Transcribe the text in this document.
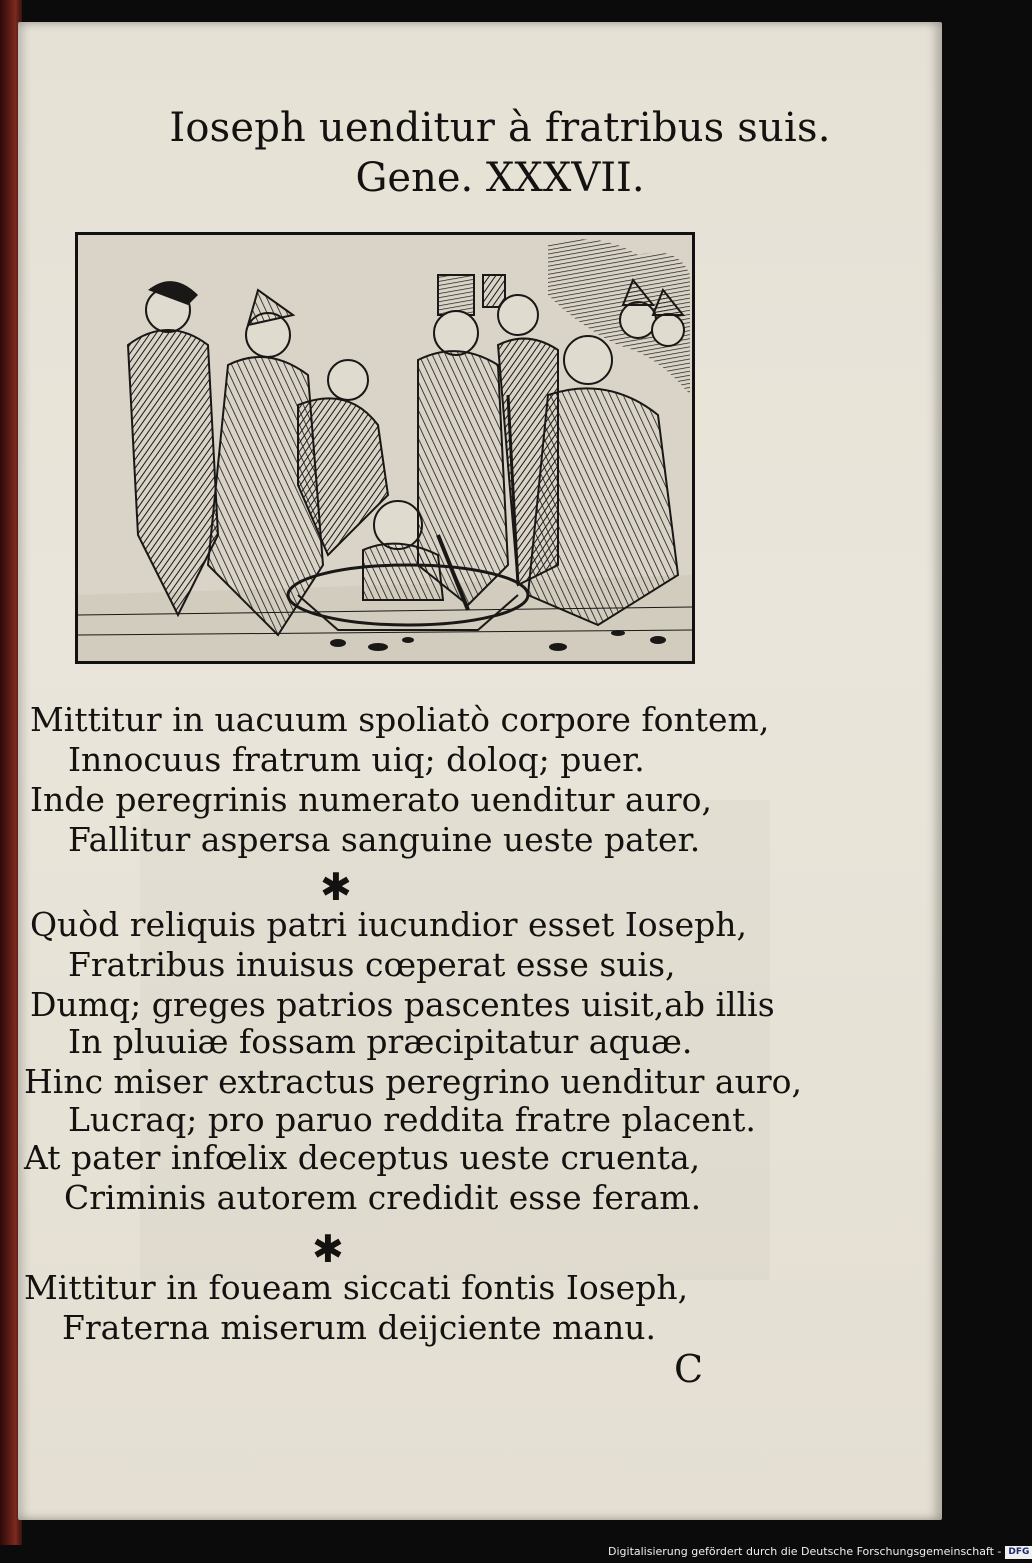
Ioseph uenditur à fratribus suis.
Gene. XXXVII.
Mittitur in uacuum spoliatò corpore fontem,
Innocuus fratrum uiq; doloq; puer.
Inde peregrinis numerato uenditur auro,
Fallitur aspersa sanguine ueste pater.
✱
Quòd reliquis patri iucundior esset Ioseph,
Fratribus inuisus cœperat esse suis,
Dumq; greges patrios pascentes uisit,ab illis
In pluuiæ fossam præcipitatur aquæ.
Hinc miser extractus peregrino uenditur auro,
Lucraq; pro paruo reddita fratre placent.
At pater infœlix deceptus ueste cruenta,
Criminis autorem credidit esse feram.
✱
Mittitur in foueam siccati fontis Ioseph,
Fraterna miserum deijciente manu.
C
Digitalisierung gefördert durch die Deutsche Forschungsgemeinschaft - DFG
